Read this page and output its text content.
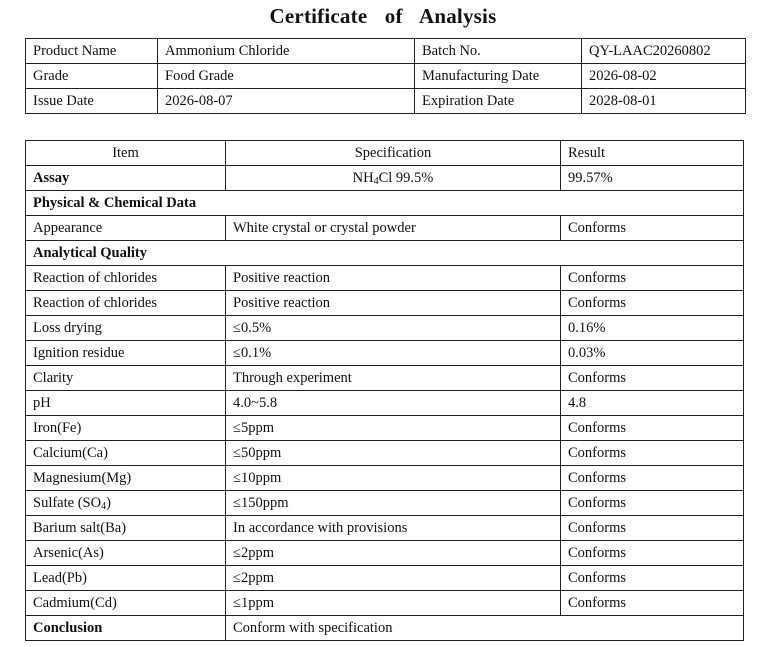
Certificate of Analysis
Product Name	Ammonium Chloride	Batch No.	QY-LAAC20260802
Grade	Food Grade	Manufacturing Date	2026-08-02
Issue Date	2026-08-07	Expiration Date	2028-08-01
Item	Specification	Result
Assay	$NH_4Cl$ 99.5%	99.57%
Physical & Chemical Data		
Appearance	White crystal or crystal powder	Conforms
Analytical Quality		
Reaction of chlorides	Positive reaction	Conforms
Reaction of chlorides	Positive reaction	Conforms
Loss drying	≤0.5%	0.16%
Ignition residue	≤0.1%	0.03%
Clarity	Through experiment	Conforms
pH	4.0~5.8	4.8
Iron(Fe)	≤5ppm	Conforms
Calcium(Ca)	≤50ppm	Conforms
Magnesium(Mg)	≤10ppm	Conforms
Sulfate $(SO_4)$	≤150ppm	Conforms
Barium salt(Ba)	In accordance with provisions	Conforms
Arsenic(As)	≤2ppm	Conforms
Lead(Pb)	≤2ppm	Conforms
Cadmium(Cd)	≤1ppm	Conforms
Conclusion	Conform with specification	
